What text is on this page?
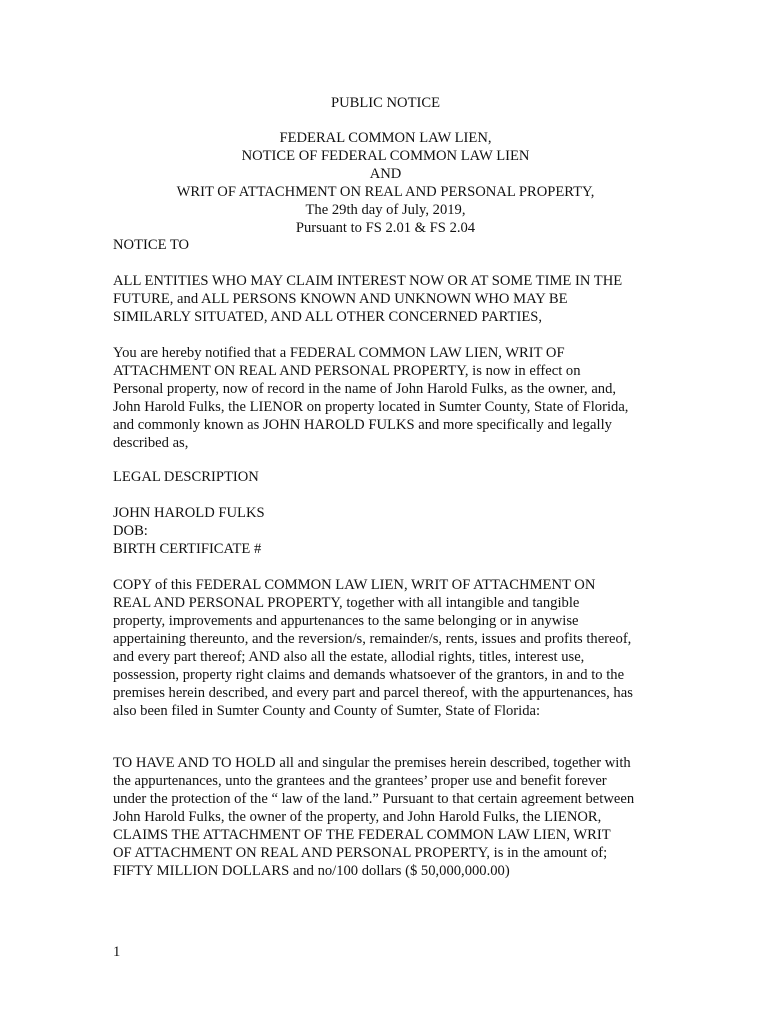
PUBLIC NOTICE
FEDERAL COMMON LAW LIEN,
NOTICE OF FEDERAL COMMON LAW LIEN
AND
WRIT OF ATTACHMENT ON REAL AND PERSONAL PROPERTY,
The 29th day of July, 2019,
Pursuant to FS 2.01 & FS 2.04
NOTICE TO
ALL ENTITIES WHO MAY CLAIM INTEREST NOW OR AT SOME TIME IN THE
FUTURE, and ALL PERSONS KNOWN AND UNKNOWN WHO MAY BE
SIMILARLY SITUATED, AND ALL OTHER CONCERNED PARTIES,
You are hereby notified that a FEDERAL COMMON LAW LIEN, WRIT OF
ATTACHMENT ON REAL AND PERSONAL PROPERTY, is now in effect on
Personal property, now of record in the name of John Harold Fulks, as the owner, and,
John Harold Fulks, the LIENOR on property located in Sumter County, State of Florida,
and commonly known as JOHN HAROLD FULKS and more specifically and legally
described as,
LEGAL DESCRIPTION
JOHN HAROLD FULKS
DOB:
BIRTH CERTIFICATE #
COPY of this FEDERAL COMMON LAW LIEN, WRIT OF ATTACHMENT ON
REAL AND PERSONAL PROPERTY, together with all intangible and tangible
property, improvements and appurtenances to the same belonging or in anywise
appertaining thereunto, and the reversion/s, remainder/s, rents, issues and profits thereof,
and every part thereof; AND also all the estate, allodial rights, titles, interest use,
possession, property right claims and demands whatsoever of the grantors, in and to the
premises herein described, and every part and parcel thereof, with the appurtenances, has
also been filed in Sumter County and County of Sumter, State of Florida:
TO HAVE AND TO HOLD all and singular the premises herein described, together with
the appurtenances, unto the grantees and the grantees’ proper use and benefit forever
under the protection of the “ law of the land.” Pursuant to that certain agreement between
John Harold Fulks, the owner of the property, and John Harold Fulks, the LIENOR,
CLAIMS THE ATTACHMENT OF THE FEDERAL COMMON LAW LIEN, WRIT
OF ATTACHMENT ON REAL AND PERSONAL PROPERTY, is in the amount of;
FIFTY MILLION DOLLARS and no/100 dollars ($ 50,000,000.00)
1
